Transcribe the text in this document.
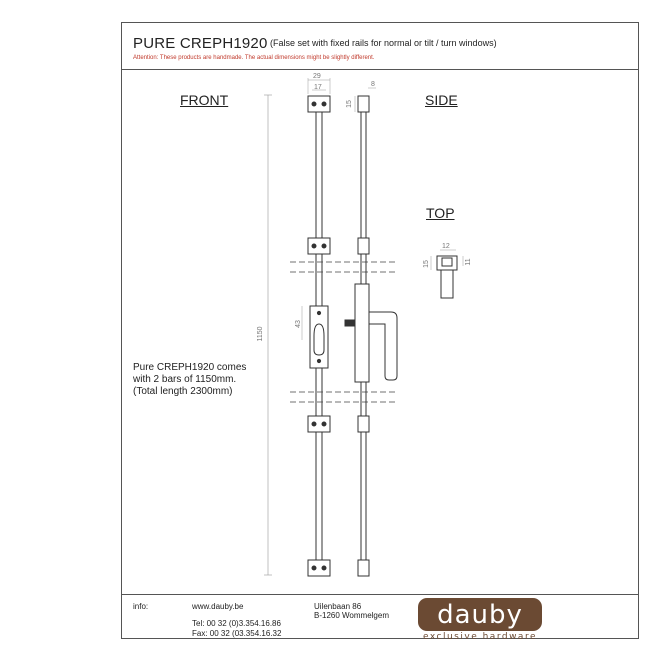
PURE CREPH1920 (False set with fixed rails for normal or tilt / turn windows)
Attention: These products are handmade. The actual dimensions might be slightly different.
FRONT	SIDE
TOP
1150
29
17
43
15
8
12
15	11
Pure CREPH1920 comes
with 2 bars of 1150mm.
(Total length 2300mm)
info:	www.dauby.be
Tel: 00 32 (0)3.354.16.86
Fax: 00 32 (03.354.16.32
Uilenbaan 86
B-1260 Wommelgem	dauby
exclusive hardware
